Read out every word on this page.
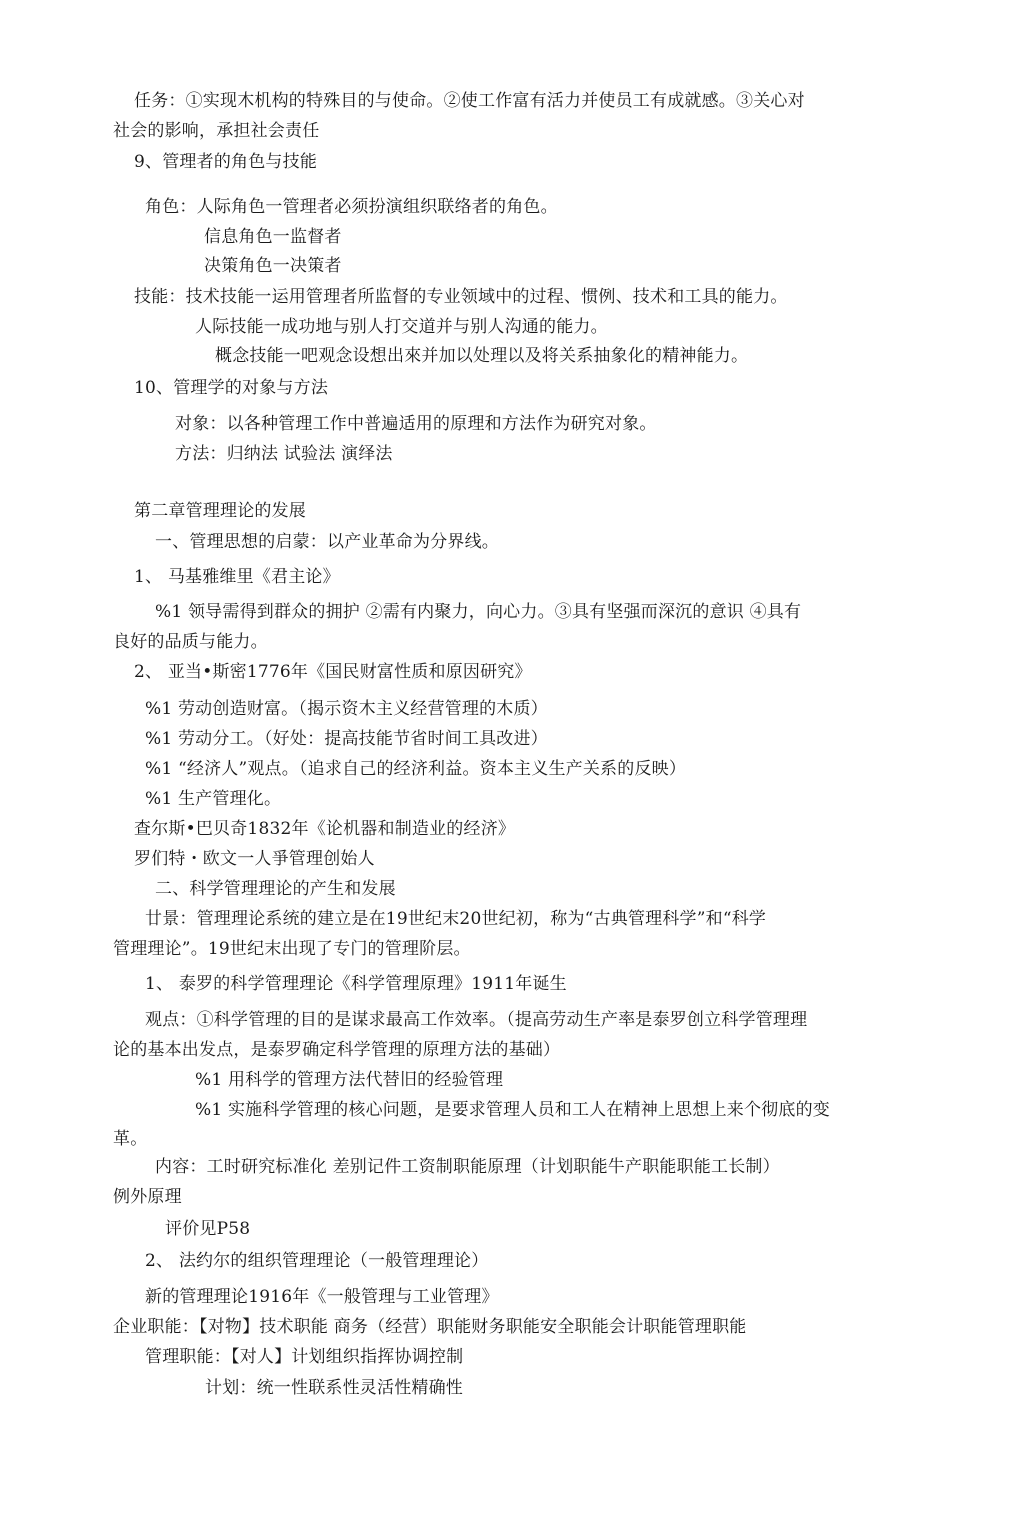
任务：①实现木机构的特殊目的与使命。②使工作富有活力并使员工有成就感。③关心对
社会的影响，承担社会责任
9、管理者的角色与技能
角色：人际角色一管理者必须扮演组织联络者的角色。
信息角色一监督者
决策角色一决策者
技能：技术技能一运用管理者所监督的专业领域中的过程、惯例、技术和工具的能力。
人际技能一成功地与别人打交道并与别人沟通的能力。
概念技能一吧观念设想出來并加以处理以及将关系抽象化的精神能力。
10、管理学的对象与方法
对象：以各种管理工作中普遍适用的原理和方法作为研究对象。
方法：归纳法 试验法 演绎法
第二章管理理论的发展
一、管理思想的启蒙：以产业革命为分界线。
1、 马基雅维里《君主论》
%1 领导需得到群众的拥护 ②需有内聚力，向心力。③具有坚强而深沉的意识 ④具有
良好的品质与能力。
2、 亚当•斯密1776年《国民财富性质和原因研究》
%1 劳动创造财富。（揭示资木主义经营管理的木质）
%1 劳动分工。（好处：提高技能节省时间工具改进）
%1 “经济人”观点。（追求自己的经济利益。资本主义生产关系的反映）
%1 生产管理化。
查尔斯•巴贝奇1832年《论机器和制造业的经济》
罗们特・欧文一人爭管理创始人
二、科学管理理论的产生和发展
廿景：管理理论系统的建立是在19世纪末20世纪初，称为“古典管理科学”和“科学
管理理论”。19世纪末出现了专门的管理阶层。
1、 泰罗的科学管理理论《科学管理原理》1911年诞生
观点：①科学管理的目的是谋求最高工作效率。（提高劳动生产率是泰罗创立科学管理理
论的基本出发点，是泰罗确定科学管理的原理方法的基础）
%1 用科学的管理方法代替旧的经验管理
%1 实施科学管理的核心问题，是要求管理人员和工人在精神上思想上来个彻底的变
革。
内容：工时研究标准化 差别记件工资制职能原理（计划职能牛产职能职能工长制）
例外原理
评价见P58
2、 法约尔的组织管理理论（一般管理理论）
新的管理理论1916年《一般管理与工业管理》
企业职能：【对物】技术职能 商务（经营）职能财务职能安全职能会计职能管理职能
管理职能：【对人】计划组织指挥协调控制
计划：统一性联系性灵活性精确性
